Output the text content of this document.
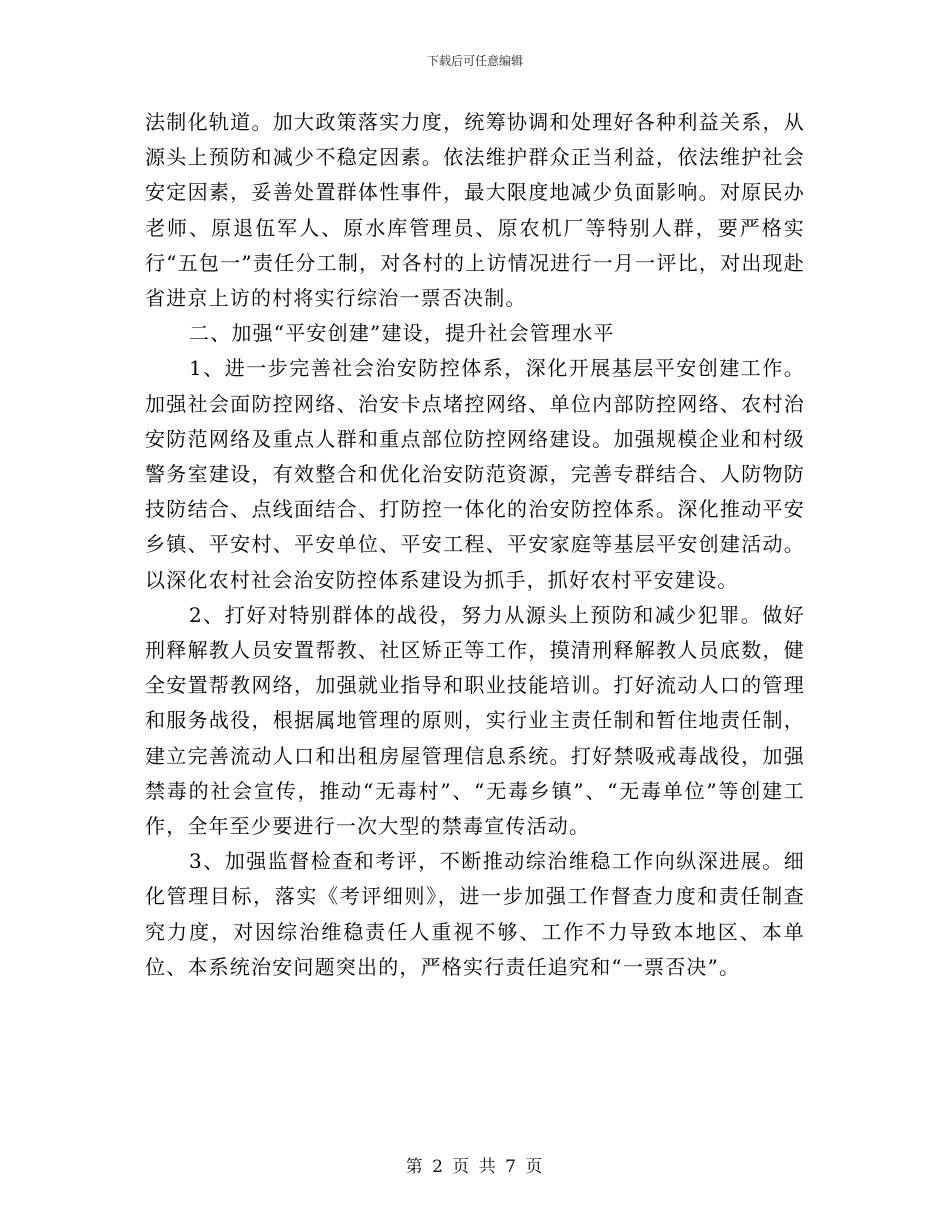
下载后可任意编辑

法制化轨道。加大政策落实力度，统筹协调和处理好各种利益关系，从源头上预防和减少不稳定因素。依法维护群众正当利益，依法维护社会安定因素，妥善处置群体性事件，最大限度地减少负面影响。对原民办老师、原退伍军人、原水库管理员、原农机厂等特别人群，要严格实行“五包一”责任分工制，对各村的上访情况进行一月一评比，对出现赴省进京上访的村将实行综治一票否决制。

二、加强“平安创建”建设，提升社会管理水平

1、进一步完善社会治安防控体系，深化开展基层平安创建工作。加强社会面防控网络、治安卡点堵控网络、单位内部防控网络、农村治安防范网络及重点人群和重点部位防控网络建设。加强规模企业和村级警务室建设，有效整合和优化治安防范资源，完善专群结合、人防物防技防结合、点线面结合、打防控一体化的治安防控体系。深化推动平安乡镇、平安村、平安单位、平安工程、平安家庭等基层平安创建活动。以深化农村社会治安防控体系建设为抓手，抓好农村平安建设。

2、打好对特别群体的战役，努力从源头上预防和减少犯罪。做好刑释解教人员安置帮教、社区矫正等工作，摸清刑释解教人员底数，健全安置帮教网络，加强就业指导和职业技能培训。打好流动人口的管理和服务战役，根据属地管理的原则，实行业主责任制和暂住地责任制，建立完善流动人口和出租房屋管理信息系统。打好禁吸戒毒战役，加强禁毒的社会宣传，推动“无毒村”、“无毒乡镇”、“无毒单位”等创建工作，全年至少要进行一次大型的禁毒宣传活动。

3、加强监督检查和考评，不断推动综治维稳工作向纵深进展。细化管理目标，落实《考评细则》，进一步加强工作督查力度和责任制查究力度，对因综治维稳责任人重视不够、工作不力导致本地区、本单位、本系统治安问题突出的，严格实行责任追究和“一票否决”。

第 2 页 共 7 页
